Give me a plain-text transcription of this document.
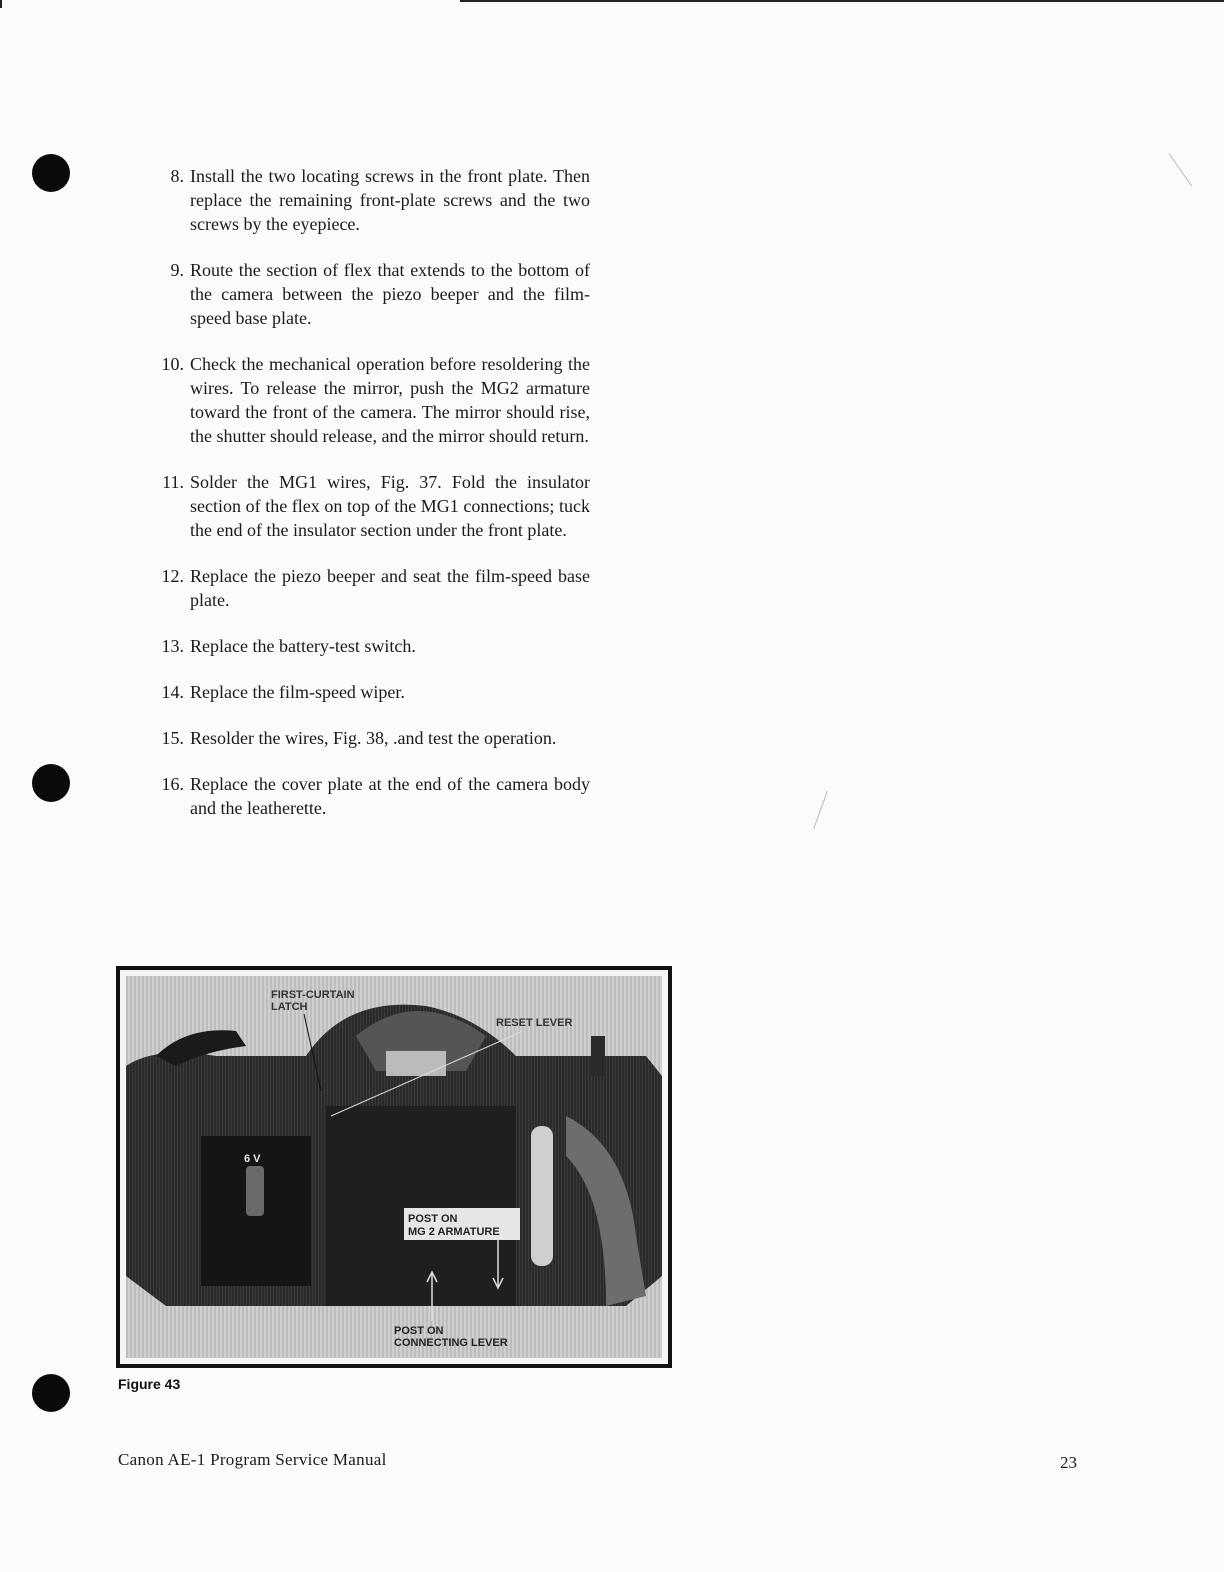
8. Install the two locating screws in the front plate. Then replace the remaining front-plate screws and the two screws by the eyepiece.
9. Route the section of flex that extends to the bottom of the camera between the piezo beeper and the film-speed base plate.
10. Check the mechanical operation before resoldering the wires. To release the mirror, push the MG2 armature toward the front of the camera. The mirror should rise, the shutter should release, and the mirror should return.
11. Solder the MG1 wires, Fig. 37. Fold the insulator section of the flex on top of the MG1 connections; tuck the end of the insulator section under the front plate.
12. Replace the piezo beeper and seat the film-speed base plate.
13. Replace the battery-test switch.
14. Replace the film-speed wiper.
15. Resolder the wires, Fig. 38, .and test the operation.
16. Replace the cover plate at the end of the camera body and the leatherette.
6 V
FIRST-CURTAIN
LATCH
RESET LEVER
POST ON
MG 2 ARMATURE
POST ON
CONNECTING LEVER
Figure 43
Canon AE-1 Program Service Manual	23
